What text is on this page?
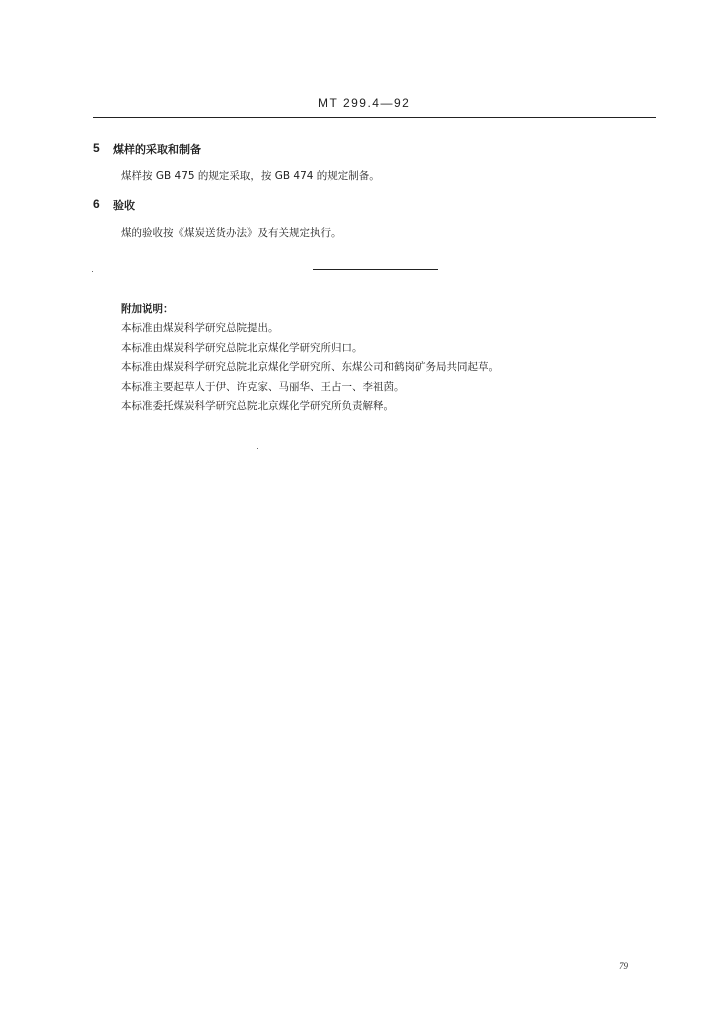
MT 299.4—92
5 煤样的采取和制备
煤样按 GB 475 的规定采取，按 GB 474 的规定制备。
6 验收
煤的验收按《煤炭送货办法》及有关规定执行。
附加说明：
本标准由煤炭科学研究总院提出。
本标准由煤炭科学研究总院北京煤化学研究所归口。
本标准由煤炭科学研究总院北京煤化学研究所、东煤公司和鹤岗矿务局共同起草。
本标准主要起草人于伊、许克家、马丽华、王占一、李祖茵。
本标准委托煤炭科学研究总院北京煤化学研究所负责解释。
79
